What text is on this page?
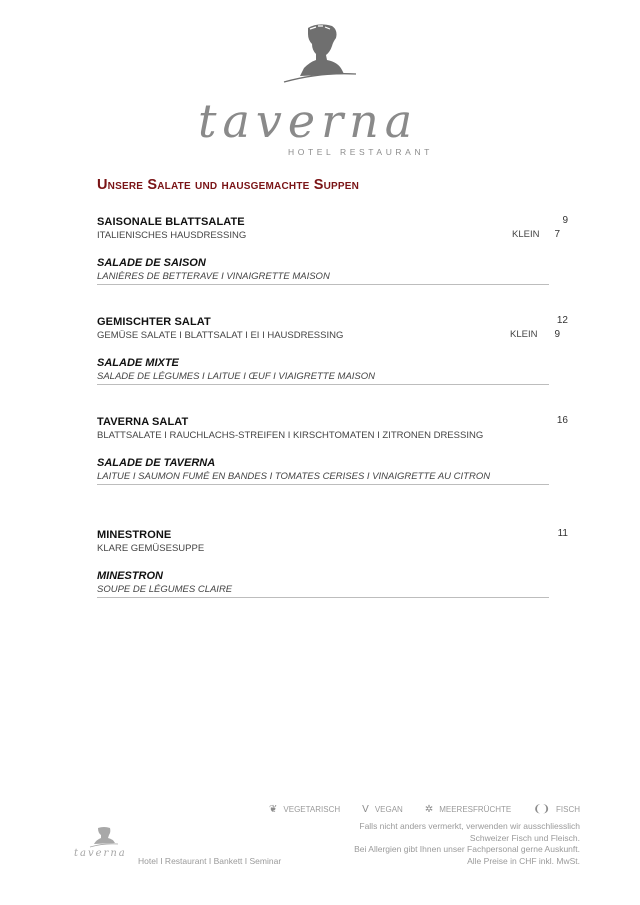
taverna
HOTEL RESTAURANT
Unsere Salate und hausgemachte Suppen
SAISONALE BLATTSALATE
ITALIENISCHES HAUSDRESSING
SALADE DE SAISON
LANIÈRES DE BETTERAVE I VINAIGRETTE MAISON
9
KLEIN	7
GEMISCHTER SALAT
GEMÜSE SALATE I BLATTSALAT I EI I HAUSDRESSING
SALADE MIXTE
SALADE DE LÉGUMES I LAITUE I ŒUF I VIAIGRETTE MAISON
12
KLEIN	9
TAVERNA SALAT
BLATTSALATE I RAUCHLACHS-STREIFEN I KIRSCHTOMATEN I ZITRONEN DRESSING
SALADE DE TAVERNA
LAITUE I SAUMON FUMÉ EN BANDES I TOMATES CERISES I VINAIGRETTE AU CITRON
16
MINESTRONE
KLARE GEMÜSESUPPE
MINESTRON
SOUPE DE LÉGUMES CLAIRE
11
❦ VEGETARISCH V VEGAN ✲ MEERESFRÜCHTE ❨❩ FISCH
Falls nicht anders vermerkt, verwenden wir ausschliesslich
Schweizer Fisch und Fleisch.
Bei Allergien gibt Ihnen unser Fachpersonal gerne Auskunft.
Alle Preise in CHF inkl. MwSt.
taverna
Hotel I Restaurant I Bankett I Seminar
